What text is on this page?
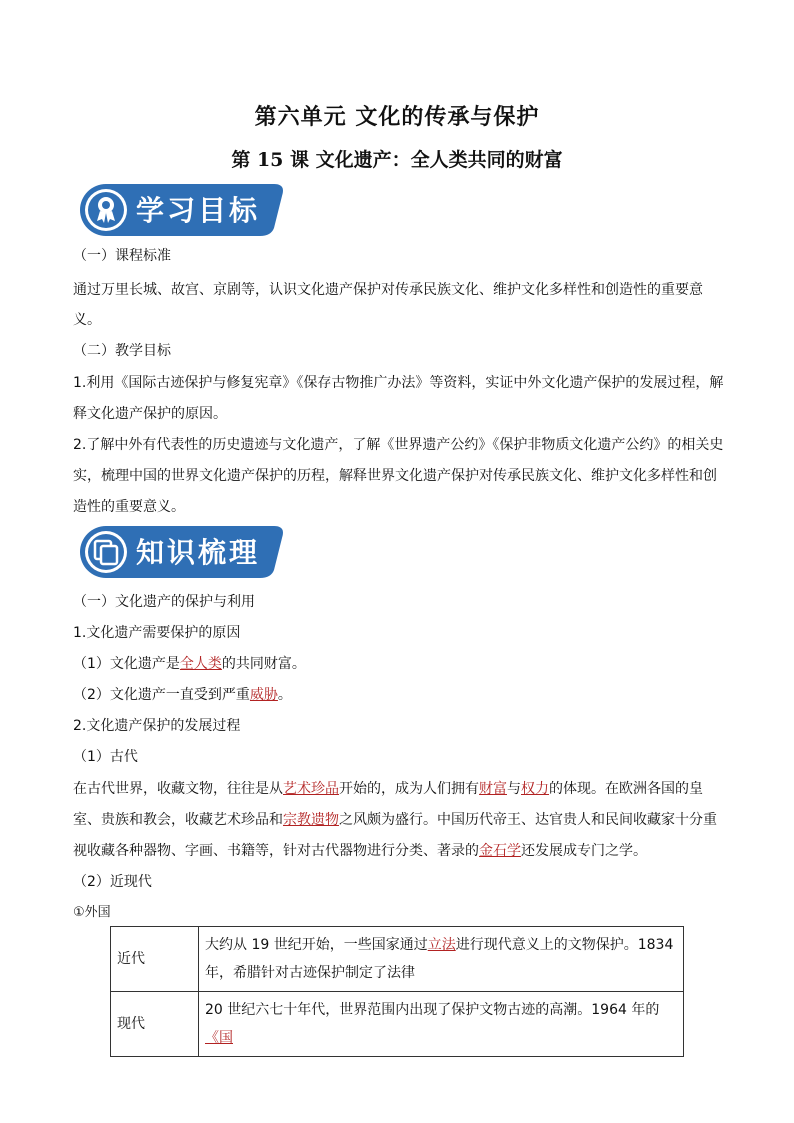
第六单元 文化的传承与保护
第 15 课 文化遗产：全人类共同的财富
学习目标
（一）课程标准
通过万里长城、故宫、京剧等，认识文化遗产保护对传承民族文化、维护文化多样性和创造性的重要意
义。
（二）教学目标
1.利用《国际古迹保护与修复宪章》《保存古物推广办法》等资料，实证中外文化遗产保护的发展过程，解
释文化遗产保护的原因。
2.了解中外有代表性的历史遗迹与文化遗产，了解《世界遗产公约》《保护非物质文化遗产公约》的相关史
实，梳理中国的世界文化遗产保护的历程，解释世界文化遗产保护对传承民族文化、维护文化多样性和创
造性的重要意义。
知识梳理
（一）文化遗产的保护与利用
1.文化遗产需要保护的原因
（1）文化遗产是全人类的共同财富。
（2）文化遗产一直受到严重威胁。
2.文化遗产保护的发展过程
（1）古代
在古代世界，收藏文物，往往是从艺术珍品开始的，成为人们拥有财富与权力的体现。在欧洲各国的皇
室、贵族和教会，收藏艺术珍品和宗教遗物之风颇为盛行。中国历代帝王、达官贵人和民间收藏家十分重
视收藏各种器物、字画、书籍等，针对古代器物进行分类、著录的金石学还发展成专门之学。
（2）近现代
①外国
近代	大约从 19 世纪开始，一些国家通过立法进行现代意义上的文物保护。1834
年，希腊针对古迹保护制定了法律
现代	20 世纪六七十年代，世界范围内出现了保护文物古迹的高潮。1964 年的《国
